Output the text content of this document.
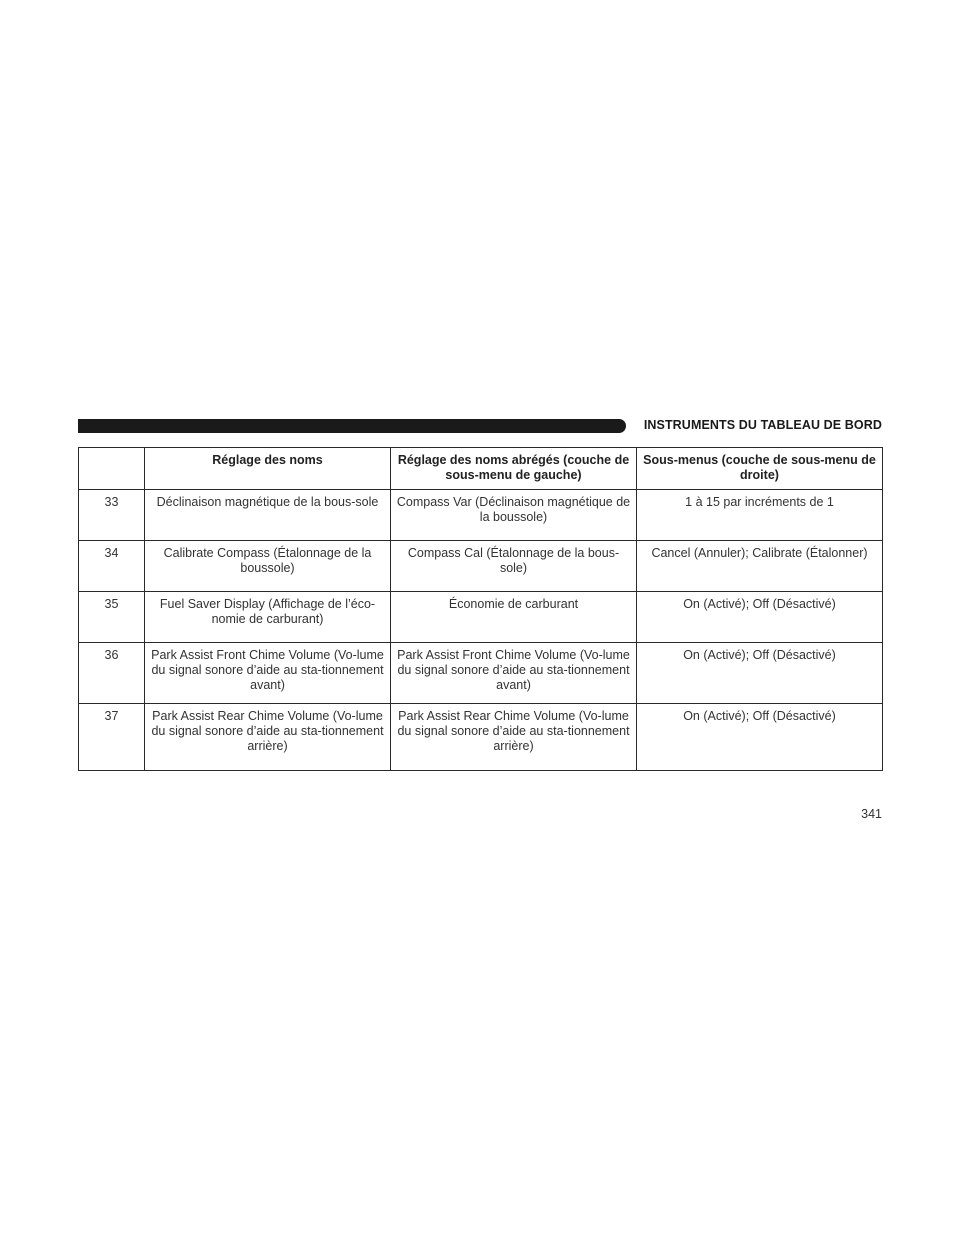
INSTRUMENTS DU TABLEAU DE BORD
	Réglage des noms	Réglage des noms abrégés (couche de sous-menu de gauche)	Sous-menus (couche de sous-menu de droite)
33	Déclinaison magnétique de la bous-sole	Compass Var (Déclinaison magnétique de la boussole)	1 à 15 par incréments de 1
34	Calibrate Compass (Étalonnage de la boussole)	Compass Cal (Étalonnage de la bous-sole)	Cancel (Annuler); Calibrate (Étalonner)
35	Fuel Saver Display (Affichage de l’éco-nomie de carburant)	Économie de carburant	On (Activé); Off (Désactivé)
36	Park Assist Front Chime Volume (Vo-lume du signal sonore d’aide au sta-tionnement avant)	Park Assist Front Chime Volume (Vo-lume du signal sonore d’aide au sta-tionnement avant)	On (Activé); Off (Désactivé)
37	Park Assist Rear Chime Volume (Vo-lume du signal sonore d’aide au sta-tionnement arrière)	Park Assist Rear Chime Volume (Vo-lume du signal sonore d’aide au sta-tionnement arrière)	On (Activé); Off (Désactivé)
341
